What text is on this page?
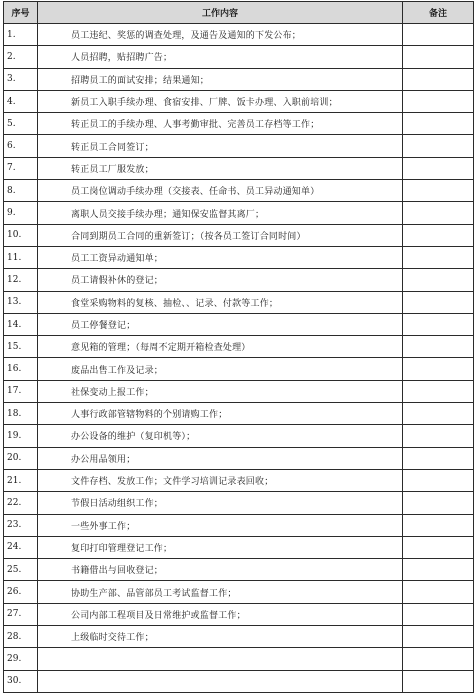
序号	工作内容	备注
1.	员工违纪、奖惩的调查处理，及通告及通知的下发公布；	
2.	人员招聘，贴招聘广告；	
3.	招聘员工的面试安排；结果通知；	
4.	新员工入职手续办理、食宿安排、厂牌、饭卡办理、入职前培训；	
5.	转正员工的手续办理、人事考勤审批、完善员工存档等工作；	
6.	转正员工合同签订；	
7.	转正员工厂服发放；	
8.	员工岗位调动手续办理（交接表、任命书、员工异动通知单）	
9.	离职人员交接手续办理；通知保安监督其离厂；	
10.	合同到期员工合同的重新签订；（按各员工签订合同时间）	
11.	员工工资异动通知单；	
12.	员工请假补休的登记；	
13.	食堂采购物料的复核、抽检、、记录、付款等工作；	
14.	员工停餐登记；	
15.	意见箱的管理；（每周不定期开箱检查处理）	
16.	废品出售工作及记录；	
17.	社保变动上报工作；	
18.	人事行政部管辖物料的个别请购工作；	
19.	办公设备的维护（复印机等）；	
20.	办公用品领用；	
21.	文件存档、发放工作；文件学习培训记录表回收；	
22.	节假日活动组织工作；	
23.	一些外事工作；	
24.	复印打印管理登记工作；	
25.	书籍借出与回收登记；	
26.	协助生产部、品管部员工考试监督工作；	
27.	公司内部工程项目及日常维护或监督工作；	
28.	上级临时交待工作；	
29.		
30.		
